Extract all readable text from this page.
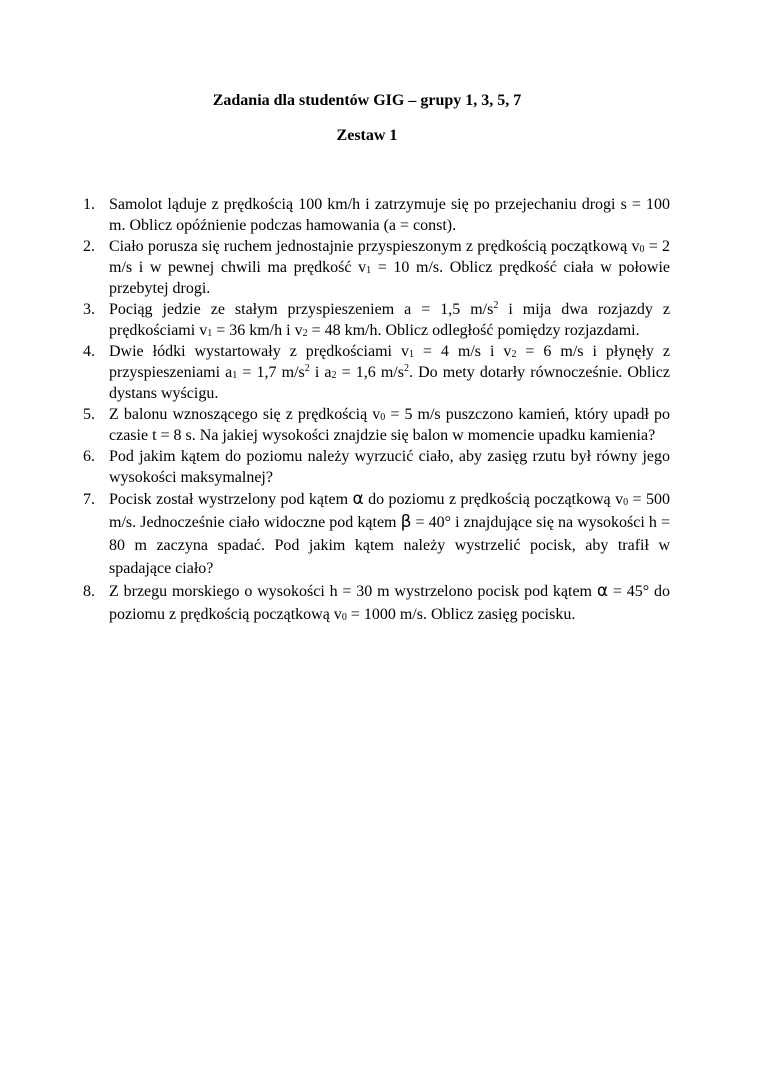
Zadania dla studentów GIG – grupy 1, 3, 5, 7
Zestaw 1
1. Samolot ląduje z prędkością 100 km/h i zatrzymuje się po przejechaniu drogi s = 100 m. Oblicz opóźnienie podczas hamowania (a = const).
2. Ciało porusza się ruchem jednostajnie przyspieszonym z prędkością początkową $v_0 = 2$ m/s i w pewnej chwili ma prędkość $v_1 = 10$ m/s. Oblicz prędkość ciała w połowie przebytej drogi.
3. Pociąg jedzie ze stałym przyspieszeniem a = 1,5 $m/s^2$ i mija dwa rozjazdy z prędkościami $v_1 = 36$ km/h i $v_2 = 48$ km/h. Oblicz odległość pomiędzy rozjazdami.
4. Dwie łódki wystartowały z prędkościami $v_1 = 4$ m/s i $v_2 = 6$ m/s i płynęły z przyspieszeniami $a_1 = 1,7$ $m/s^2$ i $a_2 = 1,6$ $m/s^2$. Do mety dotarły równocześnie. Oblicz dystans wyścigu.
5. Z balonu wznoszącego się z prędkością $v_0 = 5$ m/s puszczono kamień, który upadł po czasie t = 8 s. Na jakiej wysokości znajdzie się balon w momencie upadku kamienia?
6. Pod jakim kątem do poziomu należy wyrzucić ciało, aby zasięg rzutu był równy jego wysokości maksymalnej?
7. Pocisk został wystrzelony pod kątem α do poziomu z prędkością początkową $v_0 = 500$ m/s. Jednocześnie ciało widoczne pod kątem β = 40° i znajdujące się na wysokości h = 80 m zaczyna spadać. Pod jakim kątem należy wystrzelić pocisk, aby trafił w spadające ciało?
8. Z brzegu morskiego o wysokości h = 30 m wystrzelono pocisk pod kątem α = 45° do poziomu z prędkością początkową $v_0 = 1000$ m/s. Oblicz zasięg pocisku.
